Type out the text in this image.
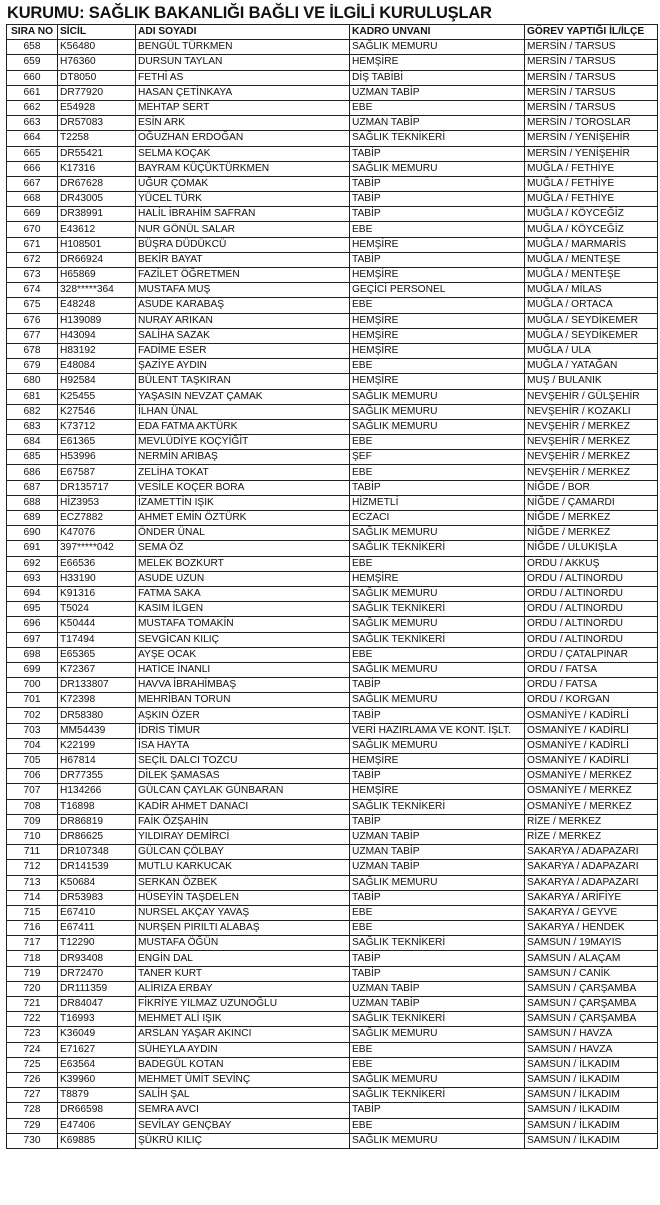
KURUMU: SAĞLIK BAKANLIĞI BAĞLI VE İLGİLİ KURULUŞLAR
SIRA NO	SİCİL	ADI SOYADI	KADRO UNVANI	GÖREV YAPTIĞI İL/İLÇE
658	K56480	BENGÜL TÜRKMEN	SAĞLIK MEMURU	MERSİN / TARSUS
659	H76360	DURSUN TAYLAN	HEMŞİRE	MERSİN / TARSUS
660	DT8050	FETHİ AS	DİŞ TABİBİ	MERSİN / TARSUS
661	DR77920	HASAN ÇETİNKAYA	UZMAN TABİP	MERSİN / TARSUS
662	E54928	MEHTAP SERT	EBE	MERSİN / TARSUS
663	DR57083	ESİN ARK	UZMAN TABİP	MERSİN / TOROSLAR
664	T2258	OĞUZHAN ERDOĞAN	SAĞLIK TEKNİKERİ	MERSİN / YENİŞEHİR
665	DR55421	SELMA KOÇAK	TABİP	MERSİN / YENİŞEHİR
666	K17316	BAYRAM KÜÇÜKTÜRKMEN	SAĞLIK MEMURU	MUĞLA / FETHİYE
667	DR67628	UĞUR ÇOMAK	TABİP	MUĞLA / FETHİYE
668	DR43005	YÜCEL TÜRK	TABİP	MUĞLA / FETHİYE
669	DR38991	HALİL İBRAHİM SAFRAN	TABİP	MUĞLA / KÖYCEĞİZ
670	E43612	NUR GÖNÜL SALAR	EBE	MUĞLA / KÖYCEĞİZ
671	H108501	BÜŞRA DÜDÜKCÜ	HEMŞİRE	MUĞLA / MARMARİS
672	DR66924	BEKİR BAYAT	TABİP	MUĞLA / MENTEŞE
673	H65869	FAZİLET ÖĞRETMEN	HEMŞİRE	MUĞLA / MENTEŞE
674	328*****364	MUSTAFA MUŞ	GEÇİCİ PERSONEL	MUĞLA / MİLAS
675	E48248	ASUDE KARABAŞ	EBE	MUĞLA / ORTACA
676	H139089	NURAY ARIKAN	HEMŞİRE	MUĞLA / SEYDİKEMER
677	H43094	SALİHA SAZAK	HEMŞİRE	MUĞLA / SEYDİKEMER
678	H83192	FADİME ESER	HEMŞİRE	MUĞLA / ULA
679	E48084	ŞAZİYE AYDIN	EBE	MUĞLA / YATAĞAN
680	H92584	BÜLENT TAŞKIRAN	HEMŞİRE	MUŞ / BULANIK
681	K25455	YAŞASIN NEVZAT ÇAMAK	SAĞLIK MEMURU	NEVŞEHİR / GÜLŞEHİR
682	K27546	İLHAN ÜNAL	SAĞLIK MEMURU	NEVŞEHİR / KOZAKLI
683	K73712	EDA FATMA AKTÜRK	SAĞLIK MEMURU	NEVŞEHİR / MERKEZ
684	E61365	MEVLÜDİYE KOÇYİĞİT	EBE	NEVŞEHİR / MERKEZ
685	H53996	NERMİN ARIBAŞ	ŞEF	NEVŞEHİR / MERKEZ
686	E67587	ZELİHA TOKAT	EBE	NEVŞEHİR / MERKEZ
687	DR135717	VESİLE KOÇER BORA	TABİP	NİĞDE / BOR
688	HİZ3953	İZAMETTİN IŞIK	HİZMETLİ	NİĞDE / ÇAMARDI
689	ECZ7882	AHMET EMİN ÖZTÜRK	ECZACI	NİĞDE / MERKEZ
690	K47076	ÖNDER ÜNAL	SAĞLIK MEMURU	NİĞDE / MERKEZ
691	397*****042	SEMA ÖZ	SAĞLIK TEKNİKERİ	NİĞDE / ULUKIŞLA
692	E66536	MELEK BOZKURT	EBE	ORDU / AKKUŞ
693	H33190	ASUDE UZUN	HEMŞİRE	ORDU / ALTINORDU
694	K91316	FATMA SAKA	SAĞLIK MEMURU	ORDU / ALTINORDU
695	T5024	KASIM İLGEN	SAĞLIK TEKNİKERİ	ORDU / ALTINORDU
696	K50444	MUSTAFA TOMAKİN	SAĞLIK MEMURU	ORDU / ALTINORDU
697	T17494	SEVGİCAN KILIÇ	SAĞLIK TEKNİKERİ	ORDU / ALTINORDU
698	E65365	AYŞE OCAK	EBE	ORDU / ÇATALPINAR
699	K72367	HATİCE İNANLI	SAĞLIK MEMURU	ORDU / FATSA
700	DR133807	HAVVA İBRAHİMBAŞ	TABİP	ORDU / FATSA
701	K72398	MEHRİBAN TORUN	SAĞLIK MEMURU	ORDU / KORGAN
702	DR58380	AŞKIN ÖZER	TABİP	OSMANİYE / KADİRLİ
703	MM54439	İDRİS TİMUR	VERİ HAZIRLAMA VE KONT. İŞLT.	OSMANİYE / KADİRLİ
704	K22199	İSA HAYTA	SAĞLIK MEMURU	OSMANİYE / KADİRLİ
705	H67814	SEÇİL DALCI TOZCU	HEMŞİRE	OSMANİYE / KADİRLİ
706	DR77355	DİLEK ŞAMASAS	TABİP	OSMANİYE / MERKEZ
707	H134266	GÜLCAN ÇAYLAK GÜNBARAN	HEMŞİRE	OSMANİYE / MERKEZ
708	T16898	KADİR AHMET DANACI	SAĞLIK TEKNİKERİ	OSMANİYE / MERKEZ
709	DR86819	FAİK ÖZŞAHİN	TABİP	RİZE / MERKEZ
710	DR86625	YILDIRAY DEMİRCİ	UZMAN TABİP	RİZE / MERKEZ
711	DR107348	GÜLCAN ÇÖLBAY	UZMAN TABİP	SAKARYA / ADAPAZARI
712	DR141539	MUTLU KARKUCAK	UZMAN TABİP	SAKARYA / ADAPAZARI
713	K50684	SERKAN ÖZBEK	SAĞLIK MEMURU	SAKARYA / ADAPAZARI
714	DR53983	HÜSEYİN TAŞDELEN	TABİP	SAKARYA / ARİFİYE
715	E67410	NURSEL AKÇAY YAVAŞ	EBE	SAKARYA / GEYVE
716	E67411	NURŞEN PIRILTI ALABAŞ	EBE	SAKARYA / HENDEK
717	T12290	MUSTAFA ÖĞÜN	SAĞLIK TEKNİKERİ	SAMSUN / 19MAYIS
718	DR93408	ENGİN DAL	TABİP	SAMSUN / ALAÇAM
719	DR72470	TANER KURT	TABİP	SAMSUN / CANİK
720	DR111359	ALİRIZA ERBAY	UZMAN TABİP	SAMSUN / ÇARŞAMBA
721	DR84047	FİKRİYE YILMAZ UZUNOĞLU	UZMAN TABİP	SAMSUN / ÇARŞAMBA
722	T16993	MEHMET ALİ IŞIK	SAĞLIK TEKNİKERİ	SAMSUN / ÇARŞAMBA
723	K36049	ARSLAN YAŞAR AKINCI	SAĞLIK MEMURU	SAMSUN / HAVZA
724	E71627	SÜHEYLA AYDIN	EBE	SAMSUN / HAVZA
725	E63564	BADEGÜL KOTAN	EBE	SAMSUN / İLKADIM
726	K39960	MEHMET ÜMİT SEVİNÇ	SAĞLIK MEMURU	SAMSUN / İLKADIM
727	T8879	SALİH ŞAL	SAĞLIK TEKNİKERİ	SAMSUN / İLKADIM
728	DR66598	SEMRA AVCI	TABİP	SAMSUN / İLKADIM
729	E47406	SEVİLAY GENÇBAY	EBE	SAMSUN / İLKADIM
730	K69885	ŞÜKRÜ KILIÇ	SAĞLIK MEMURU	SAMSUN / İLKADIM
